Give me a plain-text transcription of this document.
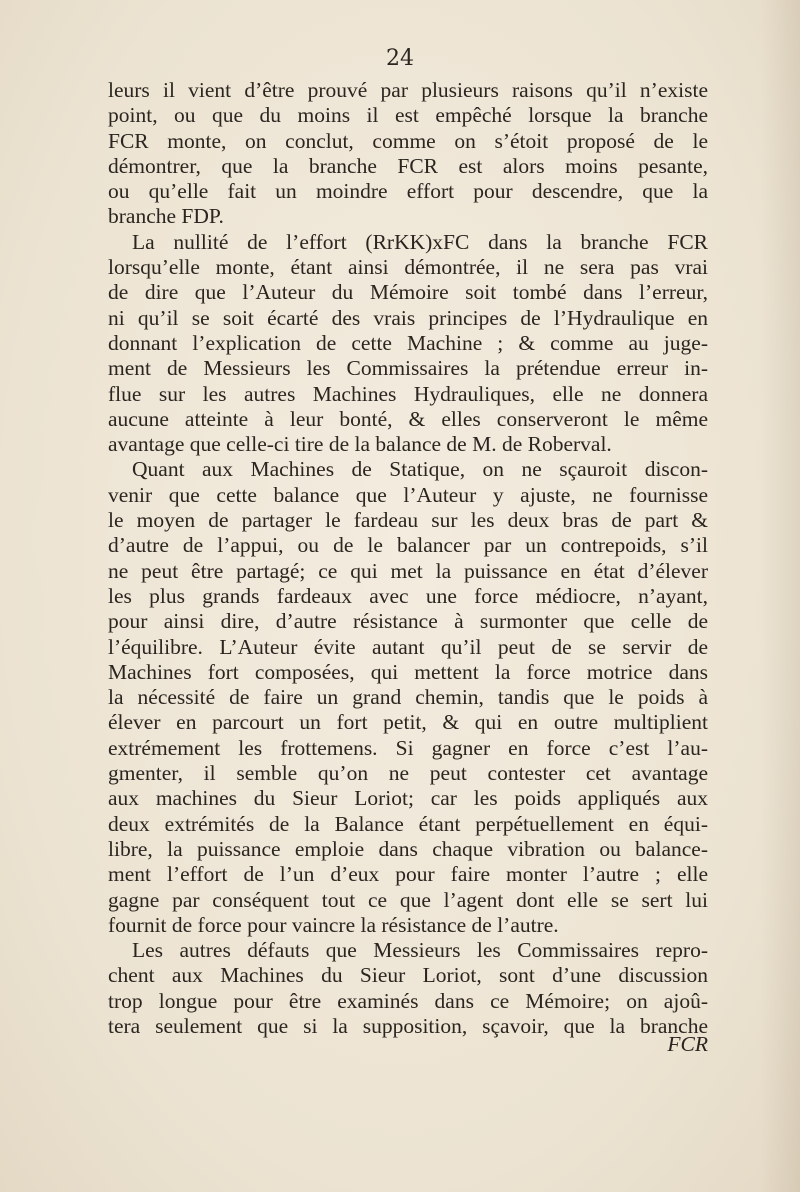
24
leurs il vient d’être prouvé par plusieurs raisons qu’il n’existe
point, ou que du moins il est empêché lorsque la branche
FCR monte, on conclut, comme on s’étoit proposé de le
démontrer, que la branche FCR est alors moins pesante,
ou qu’elle fait un moindre effort pour descendre, que la
branche FDP.
La nullité de l’effort (RrKK)xFC dans la branche FCR
lorsqu’elle monte, étant ainsi démontrée, il ne sera pas vrai
de dire que l’Auteur du Mémoire soit tombé dans l’erreur,
ni qu’il se soit écarté des vrais principes de l’Hydraulique en
donnant l’explication de cette Machine ; & comme au juge-
ment de Messieurs les Commissaires la prétendue erreur in-
flue sur les autres Machines Hydrauliques, elle ne donnera
aucune atteinte à leur bonté, & elles conserveront le même
avantage que celle-ci tire de la balance de M. de Roberval.
Quant aux Machines de Statique, on ne sçauroit discon-
venir que cette balance que l’Auteur y ajuste, ne fournisse
le moyen de partager le fardeau sur les deux bras de part &
d’autre de l’appui, ou de le balancer par un contrepoids, s’il
ne peut être partagé; ce qui met la puissance en état d’élever
les plus grands fardeaux avec une force médiocre, n’ayant,
pour ainsi dire, d’autre résistance à surmonter que celle de
l’équilibre. L’Auteur évite autant qu’il peut de se servir de
Machines fort composées, qui mettent la force motrice dans
la nécessité de faire un grand chemin, tandis que le poids à
élever en parcourt un fort petit, & qui en outre multiplient
extrémement les frottemens. Si gagner en force c’est l’au-
gmenter, il semble qu’on ne peut contester cet avantage
aux machines du Sieur Loriot; car les poids appliqués aux
deux extrémités de la Balance étant perpétuellement en équi-
libre, la puissance emploie dans chaque vibration ou balance-
ment l’effort de l’un d’eux pour faire monter l’autre ; elle
gagne par conséquent tout ce que l’agent dont elle se sert lui
fournit de force pour vaincre la résistance de l’autre.
Les autres défauts que Messieurs les Commissaires repro-
chent aux Machines du Sieur Loriot, sont d’une discussion
trop longue pour être examinés dans ce Mémoire; on ajoû-
tera seulement que si la supposition, sçavoir, que la branche
FCR
